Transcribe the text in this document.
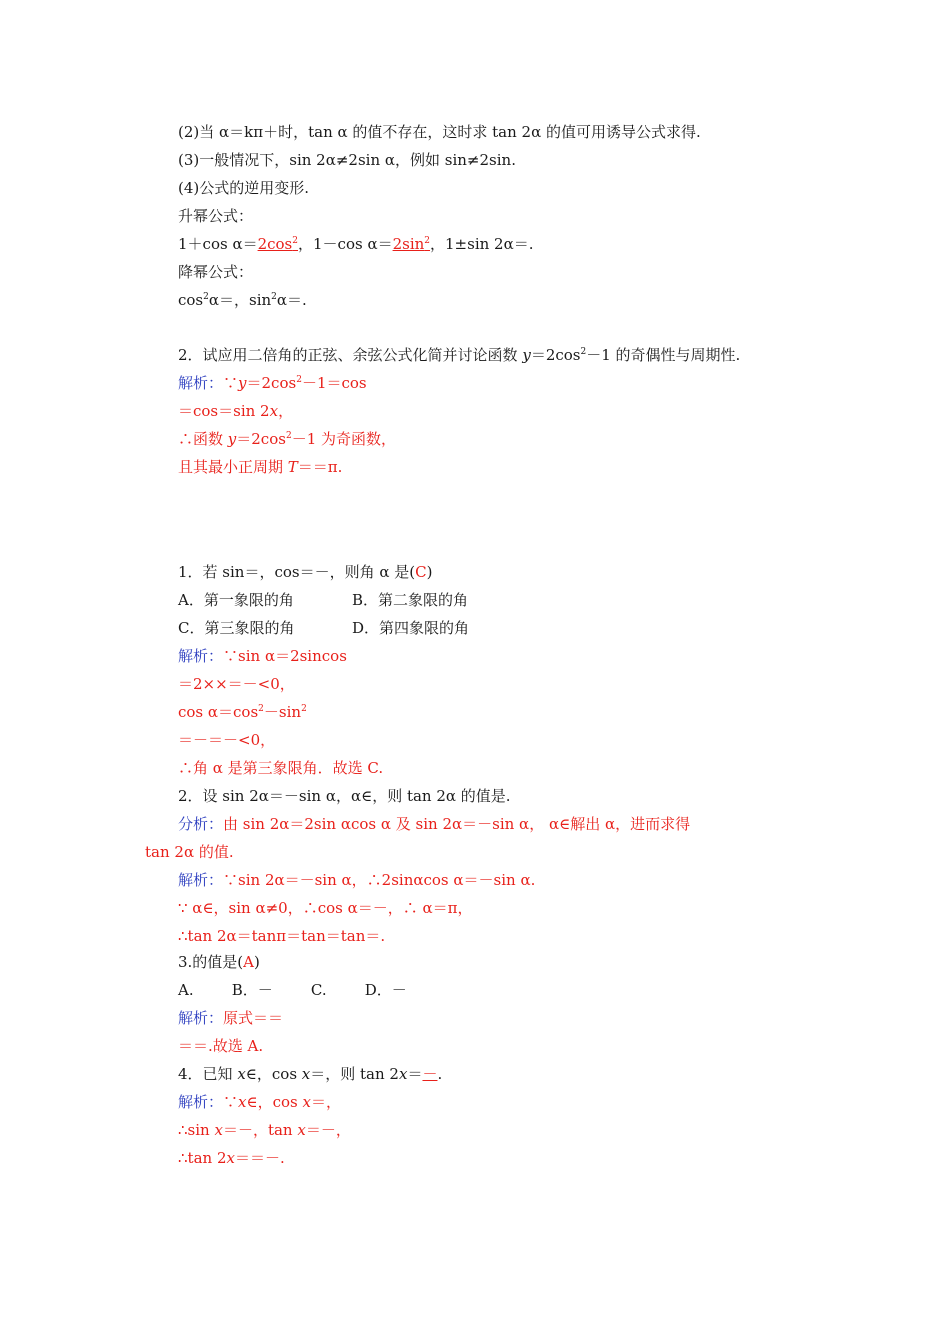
(2)当 α＝kπ＋时，tan α 的值不存在，这时求 tan 2α 的值可用诱导公式求得.
(3)一般情况下，sin 2α≠2sin α，例如 sin≠2sin.
(4)公式的逆用变形.
升幂公式：
1＋cos $\alpha=2\cos^2$，1－cos $\alpha=2\sin^2$，1±sin 2α＝.
降幂公式：
$\cos^2\alpha=$，$\sin^2\alpha=$.
2．试应用二倍角的正弦、余弦公式化简并讨论函数 $y=2\cos^2-1$ 的奇偶性与周期性.
解析：$\because y=2\cos^2-1=\cos$
＝cos＝sin 2x，
∴函数 $y=2\cos^2-1$ 为奇函数，
且其最小正周期 T＝＝π.
1．若 sin＝，cos＝－，则角 α 是(C)
A．第一象限的角	B．第二象限的角
C．第三象限的角	D．第四象限的角
解析：∵sin α＝2sincos
＝2××＝－<0，
$\cos \alpha=\cos^2-\sin^2$
＝－＝－<0，
∴角 α 是第三象限角．故选 C.
2．设 sin 2α＝－sin α，α∈，则 tan 2α 的值是.
分析：由 sin 2α＝2sin αcos α 及 sin 2α＝－sin α， α∈解出 α，进而求得
tan 2α 的值.
解析：∵sin 2α＝－sin α，∴2sinαcos α＝－sin α.
∵ α∈，sin α≠0，∴cos α＝－，∴ α＝π，
∴tan 2α＝tanπ＝tan＝tan＝.
3.的值是(A)
A.        B．－        C.        D．－
解析：原式＝＝
＝＝.故选 A.
4．已知 x∈，cos x＝，则 tan 2x＝－.
解析：∵x∈，cos x＝，
∴sin x＝－，tan x＝－，
∴tan 2x＝＝－.
